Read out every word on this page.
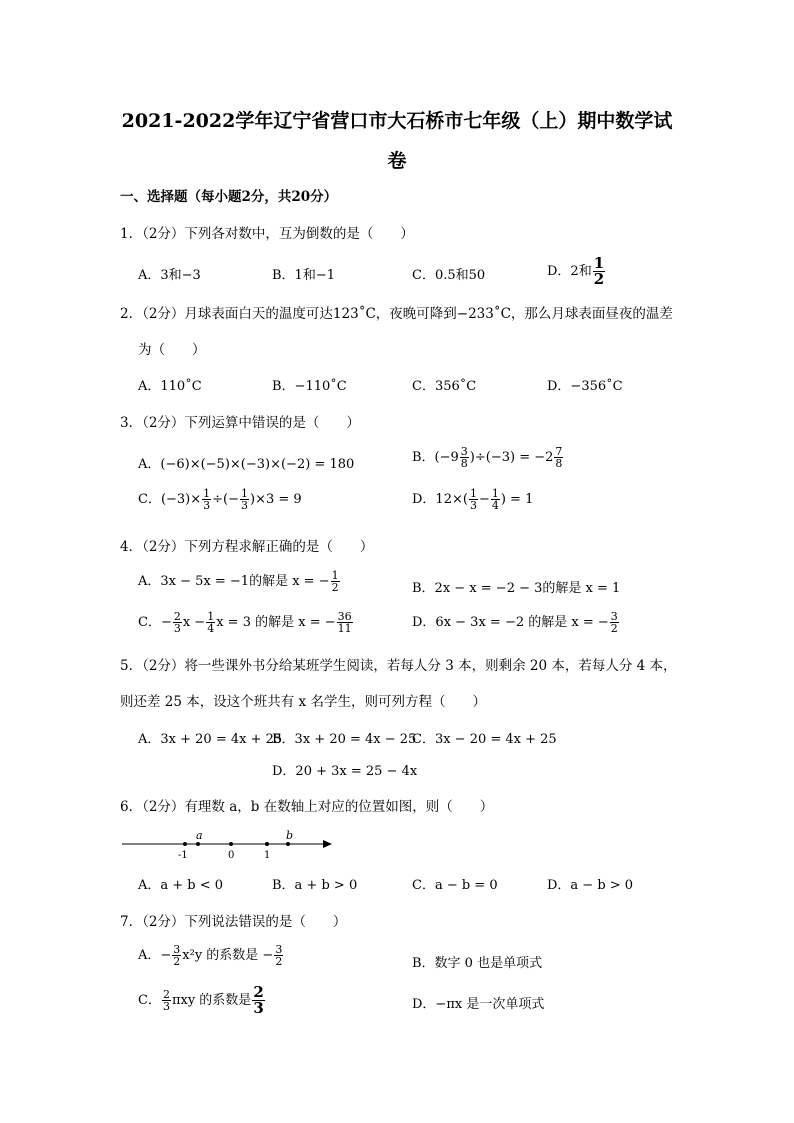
2021-2022学年辽宁省营口市大石桥市七年级（上）期中数学试
卷
一、选择题（每小题2分，共20分）
1．（2分）下列各对数中，互为倒数的是（　　）
A．3和−3	B．1和−1	C．0.5和50	D．2和 $\frac{1}{2}$
2．（2分）月球表面白天的温度可达123˚C，夜晚可降到−233˚C，那么月球表面昼夜的温差
为（　　）
A．110˚C	B．−110˚C	C．356˚C	D．−356˚C
3．（2分）下列运算中错误的是（　　）
A．(−6)×(−5)×(−3)×(−2) = 180	B．$(-9 \frac{3}{8} )\div(-3) = -2 \frac{7}{8}$
C．$(-3)\times \frac{1}{3}$ ÷(− $\frac{1}{3} )\times 3 = 9$	D．$12\times( \frac{1}{3} - \frac{1}{4}$ ) = 1
4．（2分）下列方程求解正确的是（　　）
A．3x − 5x = −1的解是 x = − $\frac{1}{2}$	B．2x − x = −2 − 3的解是 x = 1
C．− $\frac{2}{3}$ $x - \frac{1}{4}$ x = 3 的解是 x = − $\frac{36}{11}$	D．6x − 3x = −2 的解是 x = − $\frac{3}{2}$
5．（2分）将一些课外书分给某班学生阅读，若每人分 3 本，则剩余 20 本，若每人分 4 本，
则还差 25 本，设这个班共有 x 名学生，则可列方程（　　）
A．3x + 20 = 4x + 25
B．3x + 20 = 4x − 25
C．3x − 20 = 4x + 25
D．20 + 3x = 25 − 4x
6．（2分）有理数 a，b 在数轴上对应的位置如图，则（　　）
a	b
-1	0	1
A．a + b < 0	B．a + b > 0	C．a − b = 0	D．a − b > 0
7．（2分）下列说法错误的是（　　）
A．− $\frac{3}{2} x^2y$ 的系数是 − $\frac{3}{2}$	B．数字 0 也是单项式
C． $\frac{2}{3}$ πxy 的系数是 $\frac{2}{3}$	D．−πx 是一次单项式
